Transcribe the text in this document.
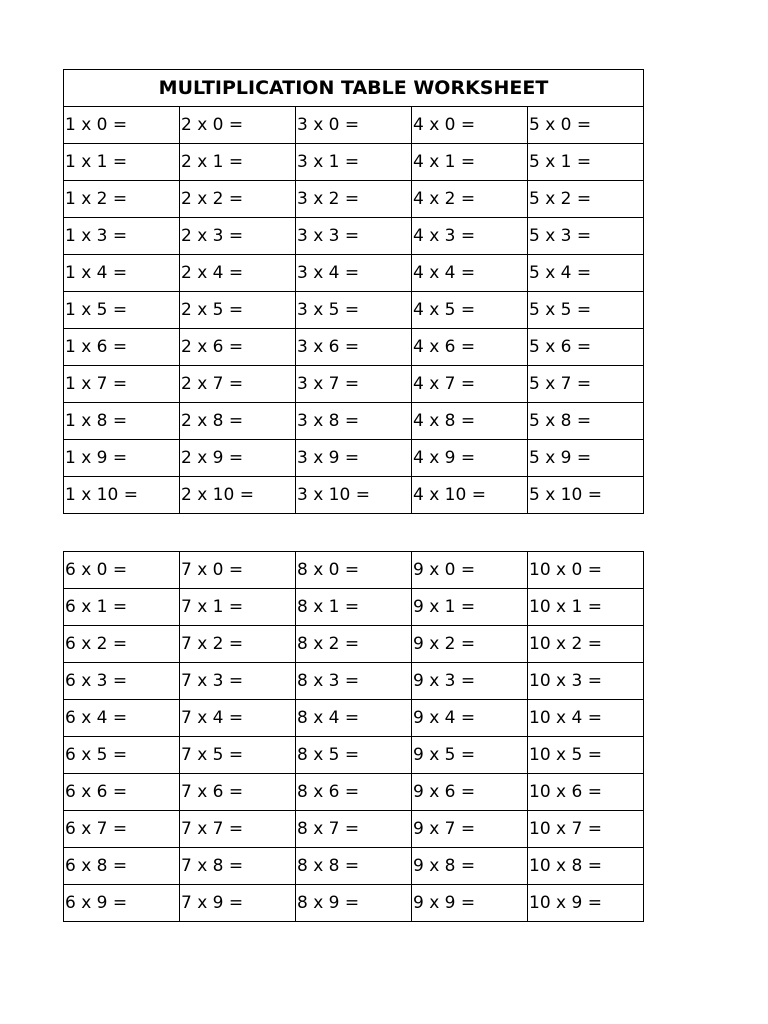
MULTIPLICATION TABLE WORKSHEET				
1 x 0 =	2 x 0 =	3 x 0 =	4 x 0 =	5 x 0 =
1 x 1 =	2 x 1 =	3 x 1 =	4 x 1 =	5 x 1 =
1 x 2 =	2 x 2 =	3 x 2 =	4 x 2 =	5 x 2 =
1 x 3 =	2 x 3 =	3 x 3 =	4 x 3 =	5 x 3 =
1 x 4 =	2 x 4 =	3 x 4 =	4 x 4 =	5 x 4 =
1 x 5 =	2 x 5 =	3 x 5 =	4 x 5 =	5 x 5 =
1 x 6 =	2 x 6 =	3 x 6 =	4 x 6 =	5 x 6 =
1 x 7 =	2 x 7 =	3 x 7 =	4 x 7 =	5 x 7 =
1 x 8 =	2 x 8 =	3 x 8 =	4 x 8 =	5 x 8 =
1 x 9 =	2 x 9 =	3 x 9 =	4 x 9 =	5 x 9 =
1 x 10 =	2 x 10 =	3 x 10 =	4 x 10 =	5 x 10 =
6 x 0 =	7 x 0 =	8 x 0 =	9 x 0 =	10 x 0 =
6 x 1 =	7 x 1 =	8 x 1 =	9 x 1 =	10 x 1 =
6 x 2 =	7 x 2 =	8 x 2 =	9 x 2 =	10 x 2 =
6 x 3 =	7 x 3 =	8 x 3 =	9 x 3 =	10 x 3 =
6 x 4 =	7 x 4 =	8 x 4 =	9 x 4 =	10 x 4 =
6 x 5 =	7 x 5 =	8 x 5 =	9 x 5 =	10 x 5 =
6 x 6 =	7 x 6 =	8 x 6 =	9 x 6 =	10 x 6 =
6 x 7 =	7 x 7 =	8 x 7 =	9 x 7 =	10 x 7 =
6 x 8 =	7 x 8 =	8 x 8 =	9 x 8 =	10 x 8 =
6 x 9 =	7 x 9 =	8 x 9 =	9 x 9 =	10 x 9 =
